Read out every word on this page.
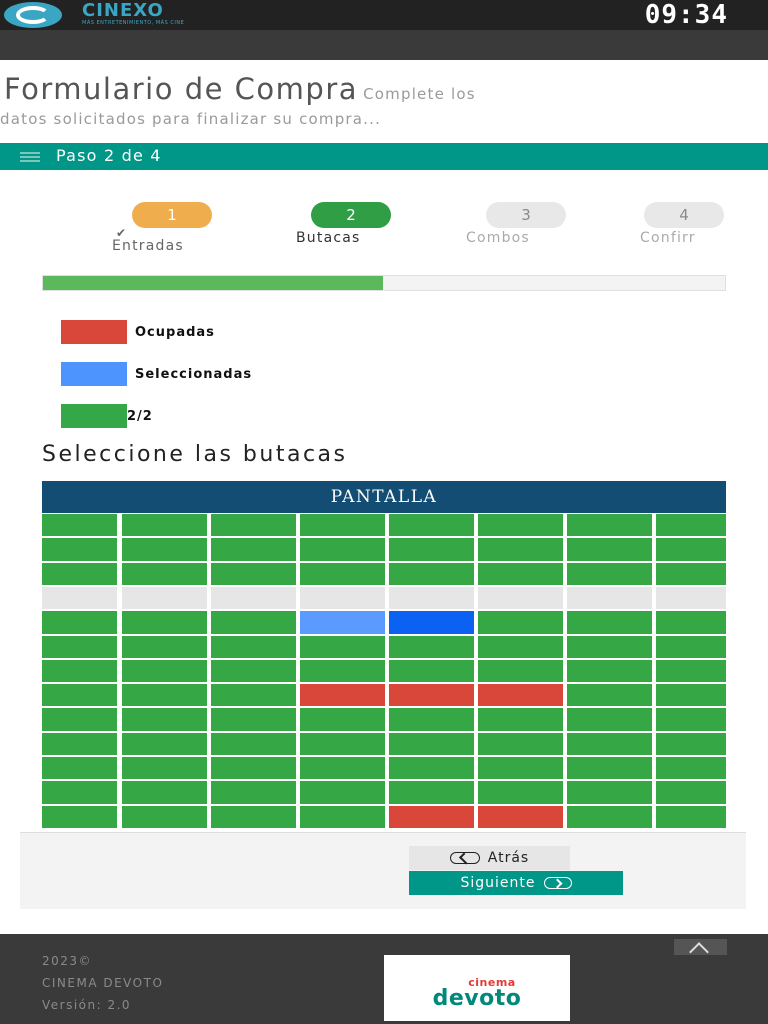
CINEXO
MÁS ENTRETENIMIENTO, MÁS CINE	09:34
Formulario de Compra Complete los
datos solicitados para finalizar su compra...
Paso 2 de 4
1
✔
Entradas
2
Butacas
3
Combos
4
Confirr
Ocupadas
Seleccionadas
2/2
Seleccione las butacas
PANTALLA
Atrás
Siguiente
2023©
CINEMA DEVOTO
Versión: 2.0
cinema
devoto
